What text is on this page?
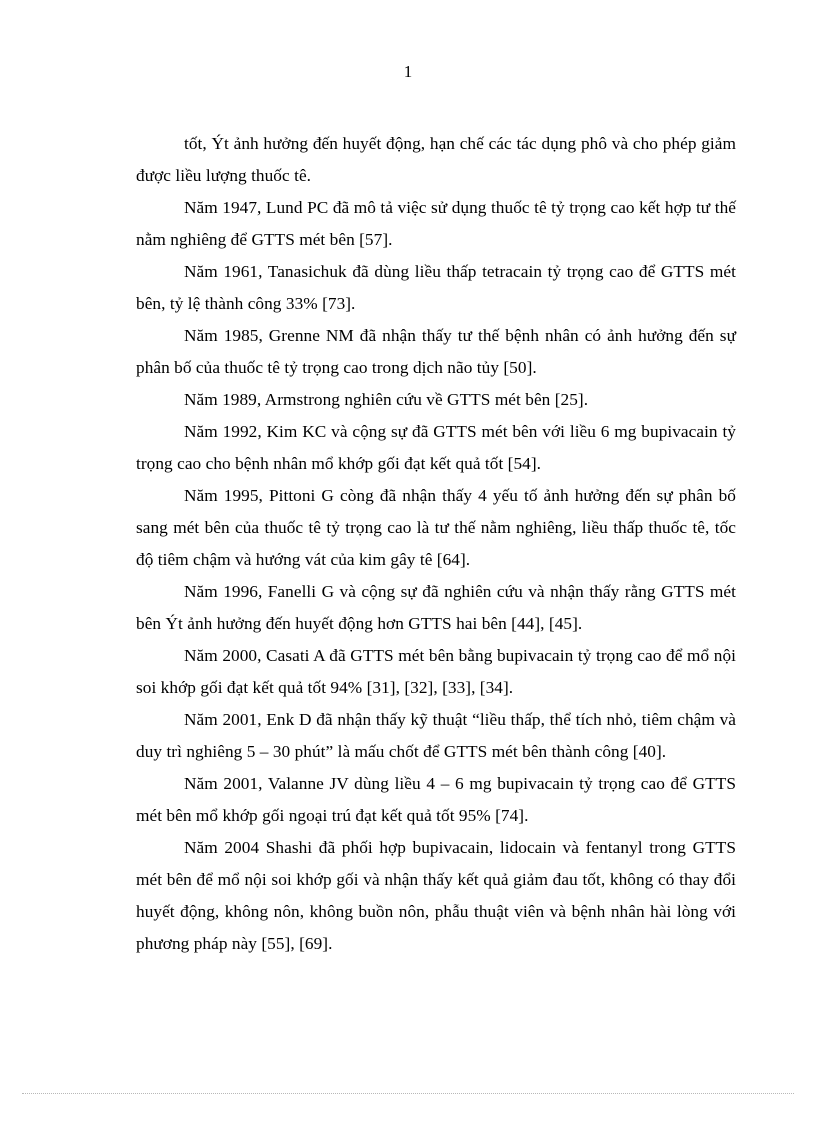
1

tốt, Ýt ảnh hưởng đến huyết động, hạn chế các tác dụng phô và cho phép giảm được liều lượng thuốc tê.

Năm 1947, Lund PC đã mô tả việc sử dụng thuốc tê tỷ trọng cao kết hợp tư thế nằm nghiêng để GTTS mét bên [57].

Năm 1961, Tanasichuk đã dùng liều thấp tetracain tỷ trọng cao để GTTS mét bên, tỷ lệ thành công 33% [73].

Năm 1985, Grenne NM đã nhận thấy tư thế bệnh nhân có ảnh hưởng đến sự phân bố của thuốc tê tỷ trọng cao trong dịch não tủy [50].

Năm 1989, Armstrong nghiên cứu về GTTS mét bên [25].

Năm 1992, Kim KC và cộng sự đã GTTS mét bên với liều 6 mg bupivacain tỷ trọng cao cho bệnh nhân mổ khớp gối đạt kết quả tốt [54].

Năm 1995, Pittoni G còng đã nhận thấy 4 yếu tố ảnh hưởng đến sự phân bố sang mét bên của thuốc tê tỷ trọng cao là tư thế nằm nghiêng, liều thấp thuốc tê, tốc độ tiêm chậm và hướng vát của kim gây tê [64].

Năm 1996, Fanelli G và cộng sự đã nghiên cứu và nhận thấy rằng GTTS mét bên Ýt ảnh hưởng đến huyết động hơn GTTS hai bên [44], [45].

Năm 2000, Casati A đã GTTS mét bên bằng bupivacain tỷ trọng cao để mổ nội soi khớp gối đạt kết quả tốt 94% [31], [32], [33], [34].

Năm 2001, Enk D đã nhận thấy kỹ thuật “liều thấp, thể tích nhỏ, tiêm chậm và duy trì nghiêng 5 – 30 phút” là mấu chốt để GTTS mét bên thành công [40].

Năm 2001, Valanne JV dùng liều 4 – 6 mg bupivacain tỷ trọng cao để GTTS mét bên mổ khớp gối ngoại trú đạt kết quả tốt 95% [74].

Năm 2004 Shashi đã phối hợp bupivacain, lidocain và fentanyl trong GTTS mét bên để mổ nội soi khớp gối và nhận thấy kết quả giảm đau tốt, không có thay đổi huyết động, không nôn, không buồn nôn, phẫu thuật viên và bệnh nhân hài lòng với phương pháp này [55], [69].
